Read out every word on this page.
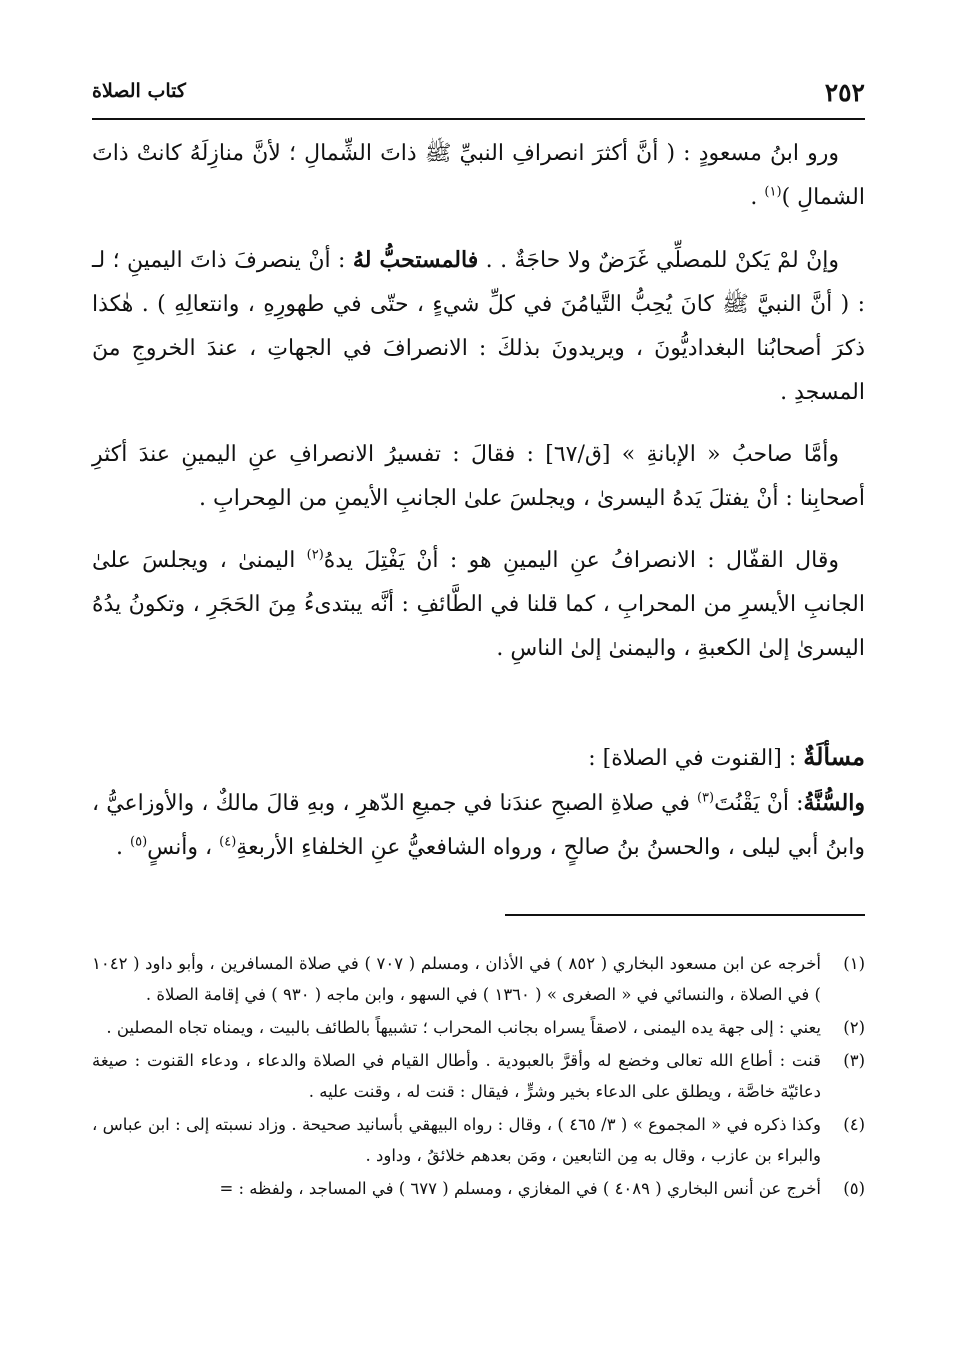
٢٥٢
كتاب الصلاة

ورو ابنُ مسعودٍ : ( أنَّ أكثرَ انصرافِ النبيِّ ﷺ ذاتَ الشِّمالِ ؛ لأنَّ منازِلَهُ كانتْ ذاتَ الشمالِ )$^{(١)}$ .

وإنْ لمْ يَكنْ للمصلِّي غَرَضٌ ولا حاجَةٌ . . فالمستحبُّ لهُ : أنْ ينصرفَ ذاتَ اليمينِ ؛ لـ : ( أنَّ النبيَّ ﷺ كانَ يُحِبُّ التَّيامُنَ في كلِّ شيءٍ ، حتّى في طهورِهِ ، وانتعالِهِ ) . هٰكذا ذكرَ أصحابُنا البغداديُّونَ ، ويريدونَ بذلكَ : الانصرافَ في الجهاتِ ، عندَ الخروجِ منَ المسجدِ .

وأمَّا صاحبُ « الإبانةِ » [ق/٦٧] : فقالَ : تفسيرُ الانصرافِ عنِ اليمينِ عندَ أكثرِ أصحابِنا : أنْ يفتلَ يَدهُ اليسرىٰ ، ويجلسَ علىٰ الجانبِ الأيمنِ من المِحرابِ .

وقال القفّال : الانصرافُ عنِ اليمينِ هو : أنْ يَفْتِلَ يدهُ$^{(٢)}$ اليمنىٰ ، ويجلسَ علىٰ الجانبِ الأيسرِ من المحرابِ ، كما قلنا في الطَّائفِ : أنَّه يبتدىءُ مِنَ الحَجَرِ ، وتكونُ يدُهُ اليسرىٰ إلىٰ الكعبةِ ، واليمنىٰ إلىٰ الناسِ .

مسألَةٌ : [القنوت في الصلاة] :

والسُّنَّةُ: أنْ يَقْنُتَ$^{(٣)}$ في صلاةِ الصبحِ عندَنا في جميعِ الدّهرِ ، وبهِ قالَ مالكٌ ، والأوزاعيُّ ، وابنُ أبي ليلى ، والحسنُ بنُ صالحٍ ، ورواه الشافعيُّ عنِ الخلفاءِ الأربعةِ$^{(٤)}$ ، وأنسٍ$^{(٥)}$ .

(١)
أخرجه عن ابن مسعود البخاري ( ٨٥٢ ) في الأذان ، ومسلم ( ٧٠٧ ) في صلاة المسافرين ، وأبو داود ( ١٠٤٢ ) في الصلاة ، والنسائي في « الصغرى » ( ١٣٦٠ ) في السهو ، وابن ماجه ( ٩٣٠ ) في إقامة الصلاة .
(٢)
يعني : إلى جهة يده اليمنى ، لاصقاً يسراه بجانب المحراب ؛ تشبيهاً بالطائف بالبيت ، ويمناه تجاه المصلين .
(٣)
قنت : أطاع الله تعالى وخضع له وأقرَّ بالعبودية . وأطال القيام في الصلاة والدعاء ، ودعاء القنوت : صيغة دعائيّة خاصَّة ، ويطلق على الدعاء بخير وشرٍّ ، فيقال : قنت له ، وقنت عليه .
(٤)
وكذا ذكره في « المجموع » ( ٣/ ٤٦٥ ) ، وقال : رواه البيهقي بأسانيد صحيحة . وزاد نسبته إلى : ابن عباس ، والبراء بن عازب ، وقال به مِن التابعين ، ومَن بعدهم خلائقُ ، وداود .
(٥)
أخرج عن أنس البخاري ( ٤٠٨٩ ) في المغازي ، ومسلم ( ٦٧٧ ) في المساجد ، ولفظه : =
